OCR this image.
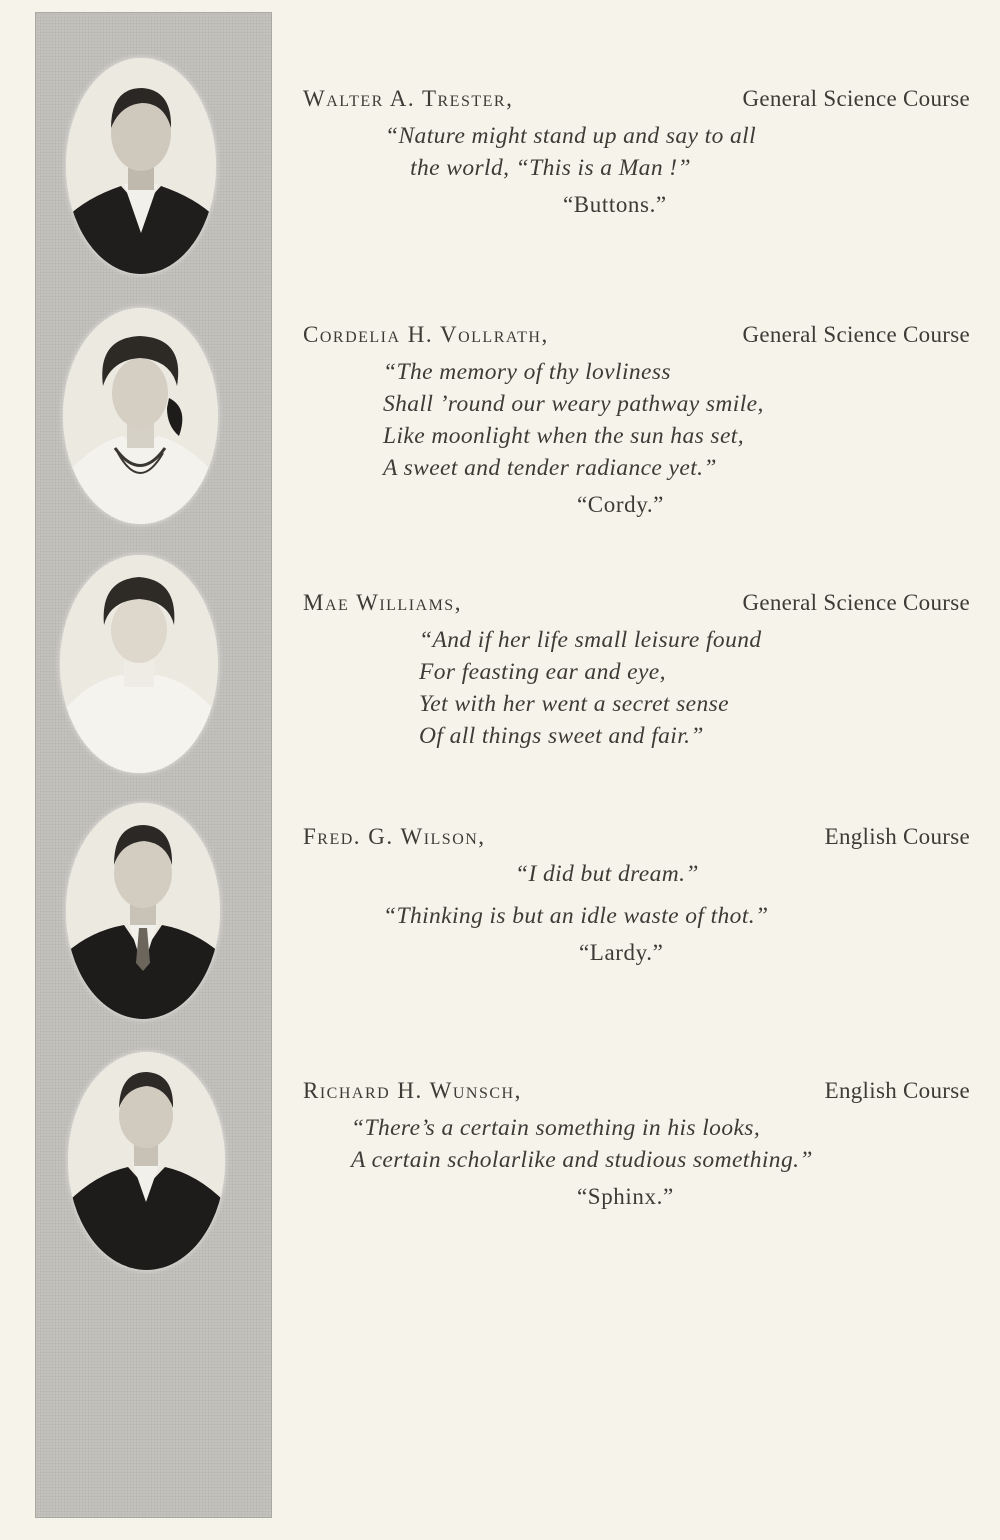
Walter A. Trester,	General Science Course
“Nature might stand up and say to all
the world, “This is a Man !”
“Buttons.”
Cordelia H. Vollrath,	General Science Course
“The memory of thy lovliness
Shall ’round our weary pathway smile,
Like moonlight when the sun has set,
A sweet and tender radiance yet.”
“Cordy.”
Mae Williams,	General Science Course
“And if her life small leisure found
For feasting ear and eye,
Yet with her went a secret sense
Of all things sweet and fair.”
Fred. G. Wilson,	English Course
“I did but dream.”
“Thinking is but an idle waste of thot.”
“Lardy.”
Richard H. Wunsch,	English Course
“There’s a certain something in his looks,
A certain scholarlike and studious something.”
“Sphinx.”
